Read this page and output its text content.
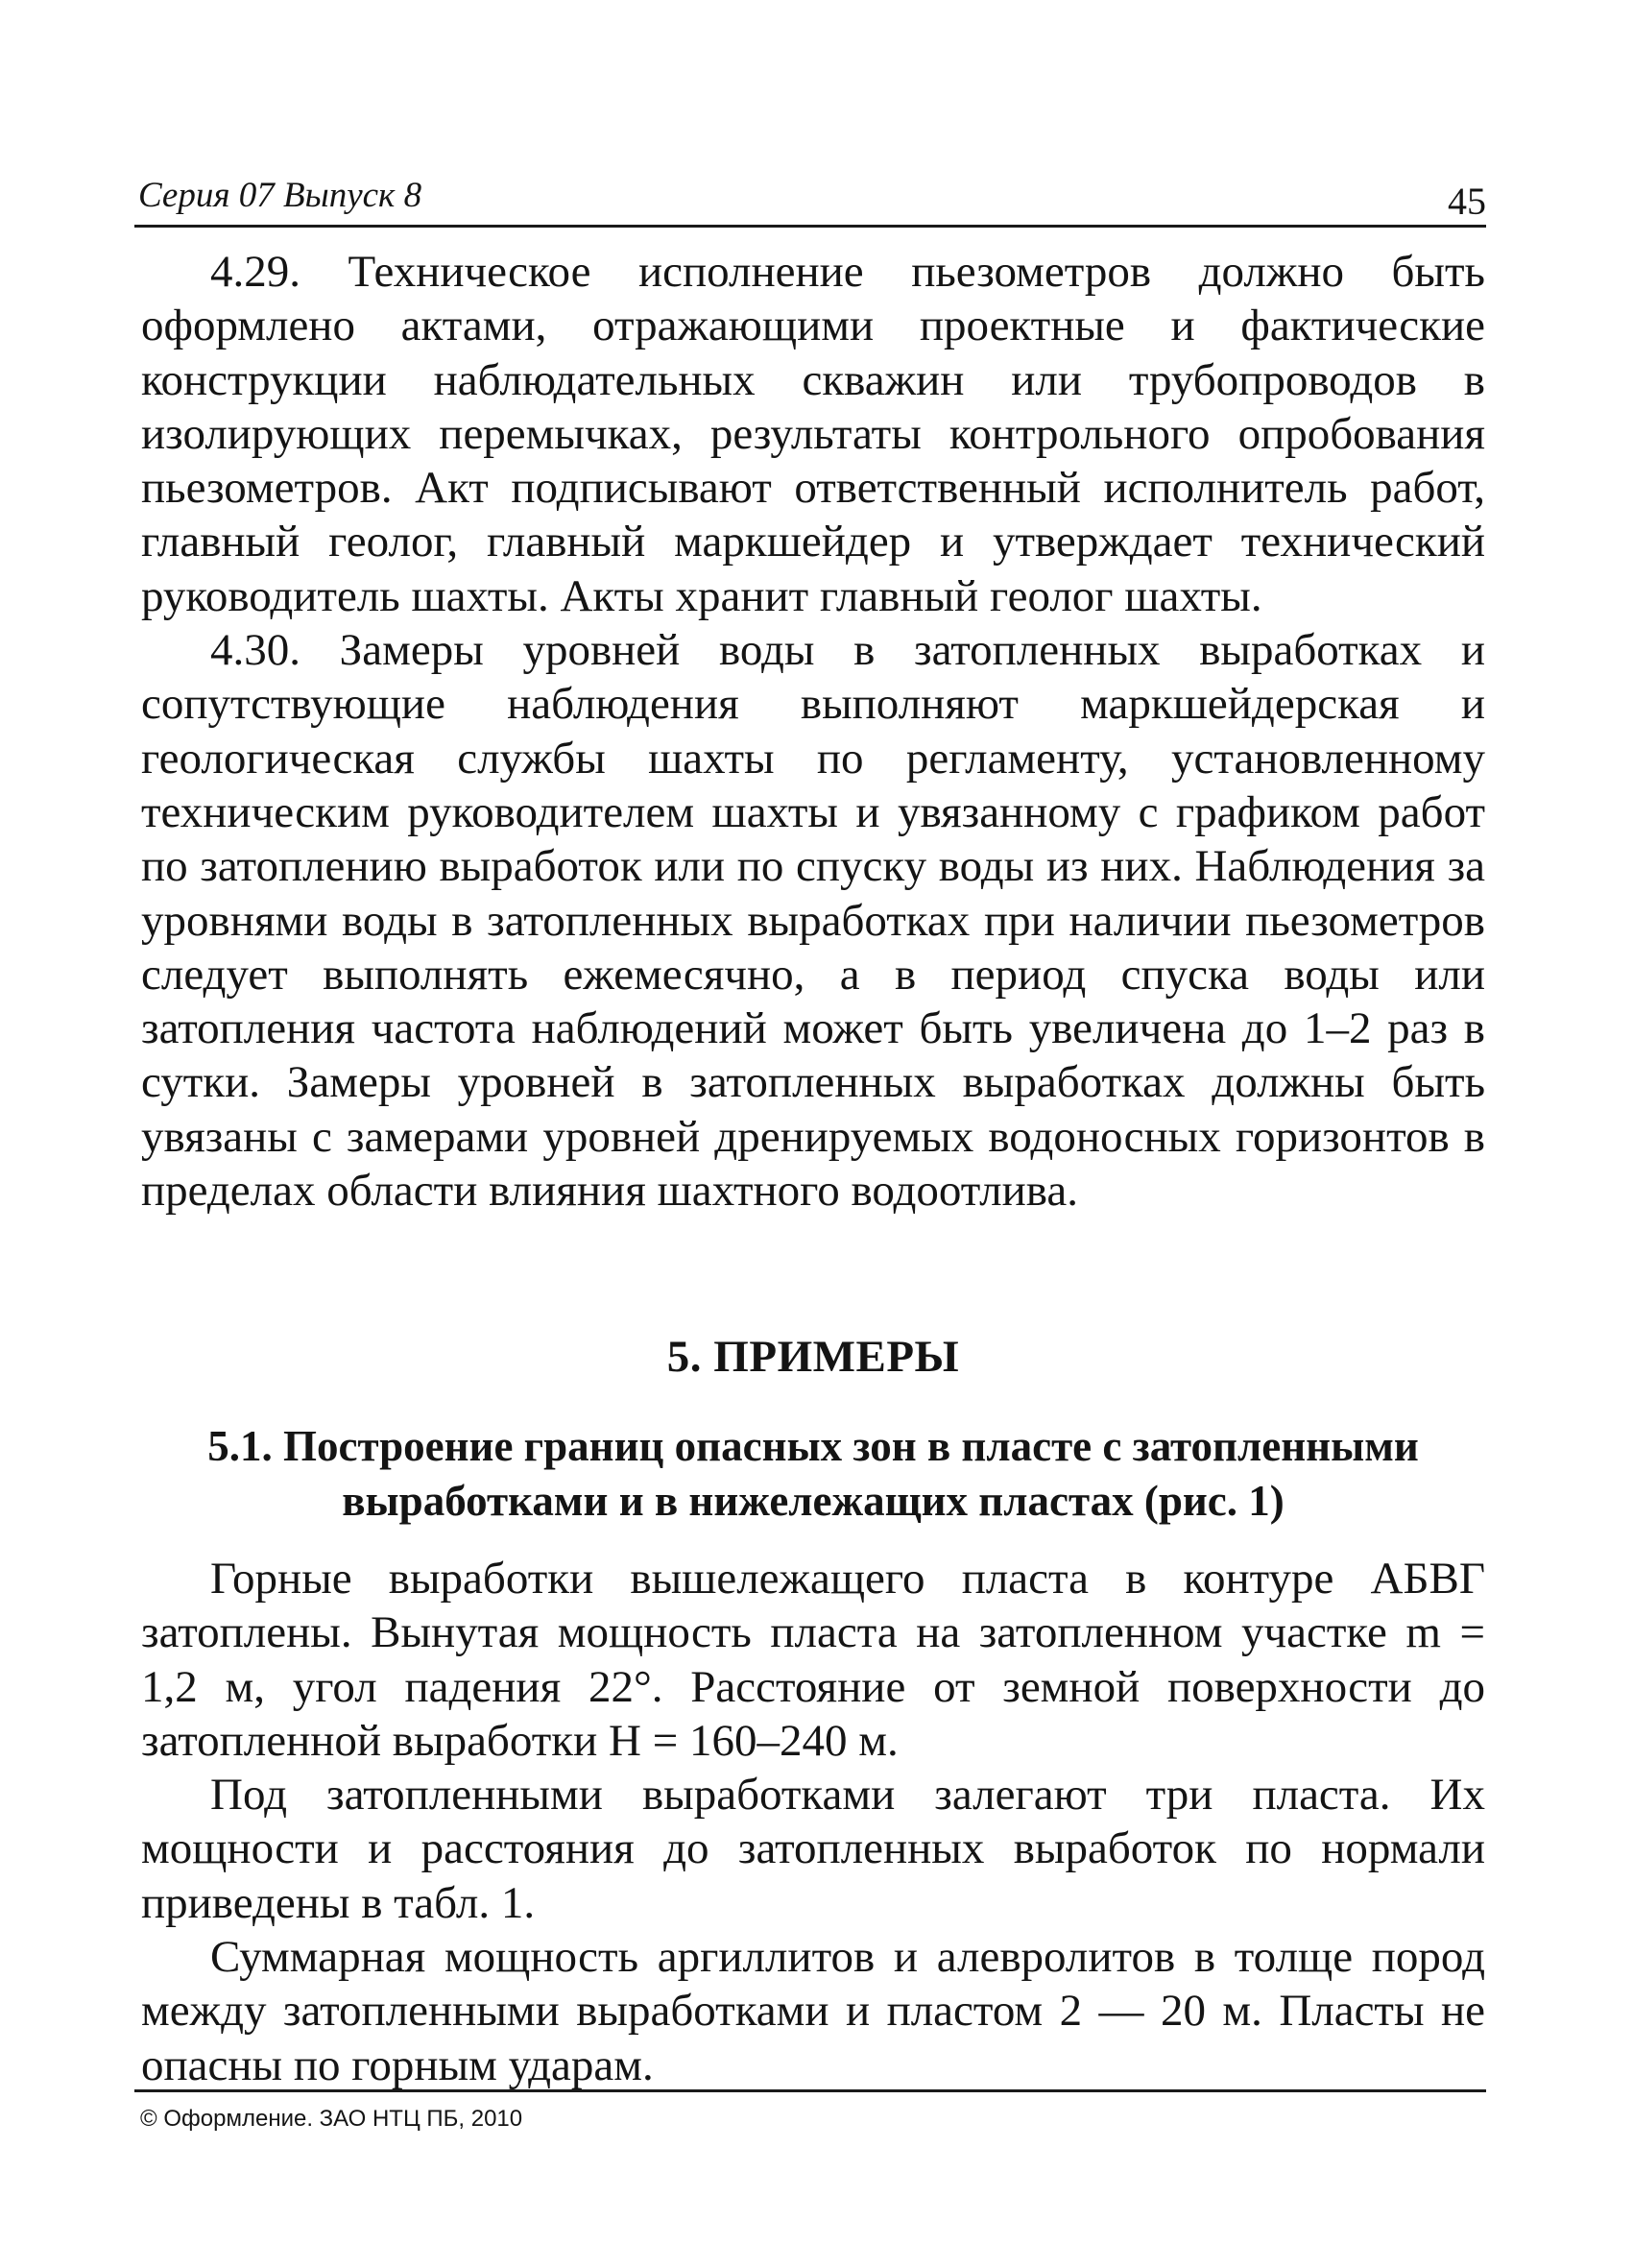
Серия 07 Выпуск 8	45

4.29. Техническое исполнение пьезометров должно быть оформлено актами, отражающими проектные и фактические конструкции наблюдательных скважин или трубопроводов в изолирующих перемычках, результаты контрольного опробования пьезометров. Акт подписывают ответственный исполнитель работ, главный геолог, главный маркшейдер и утверждает технический руководитель шахты. Акты хранит главный геолог шахты.

4.30. Замеры уровней воды в затопленных выработках и сопутствующие наблюдения выполняют маркшейдерская и геологическая службы шахты по регламенту, установленному техническим руководителем шахты и увязанному с графиком работ по затоплению выработок или по спуску воды из них. Наблюдения за уровнями воды в затопленных выработках при наличии пьезометров следует выполнять ежемесячно, а в период спуска воды или затопления частота наблюдений может быть увеличена до 1–2 раз в сутки. Замеры уровней в затопленных выработках должны быть увязаны с замерами уровней дренируемых водоносных горизонтов в пределах области влияния шахтного водоотлива.

5. ПРИМЕРЫ
5.1. Построение границ опасных зон в пласте с затопленными выработками и в нижележащих пластах (рис. 1)

Горные выработки вышележащего пласта в контуре АБВГ затоплены. Вынутая мощность пласта на затопленном участке m = 1,2 м, угол падения 22°. Расстояние от земной поверхности до затопленной выработки H = 160–240 м.

Под затопленными выработками залегают три пласта. Их мощности и расстояния до затопленных выработок по нормали приведены в табл. 1.

Суммарная мощность аргиллитов и алевролитов в толще пород между затопленными выработками и пластом 2 — 20 м. Пласты не опасны по горным ударам.

© Оформление. ЗАО НТЦ ПБ, 2010
